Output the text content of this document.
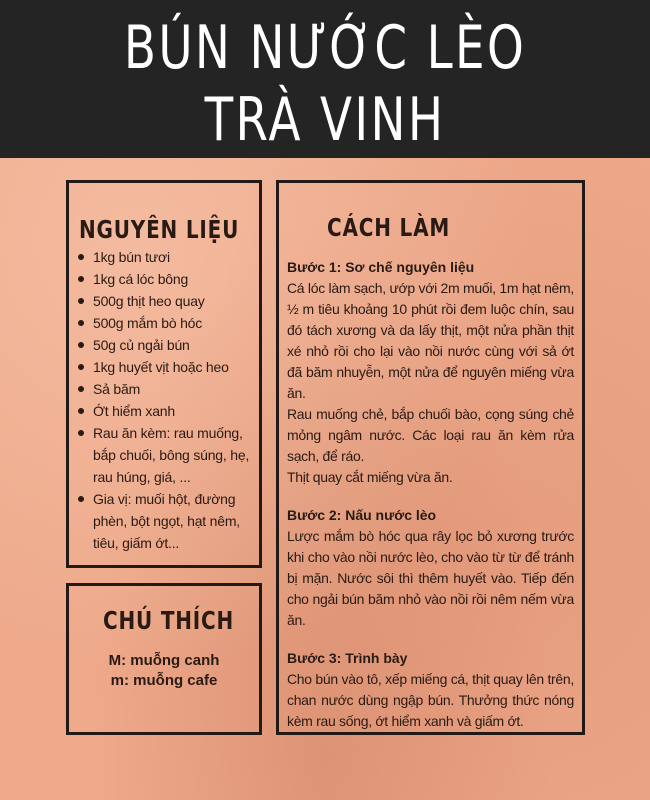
BÚN NƯỚC LÈO
TRÀ VINH
NGUYÊN LIỆU
1kg bún tươi
1kg cá lóc bông
500g thịt heo quay
500g mắm bò hóc
50g củ ngải bún
1kg huyết vịt hoặc heo
Sả băm
Ớt hiểm xanh
Rau ăn kèm: rau muống, bắp chuối, bông súng, hẹ, rau húng, giá, ...
Gia vị: muối hột, đường phèn, bột ngọt, hạt nêm, tiêu, giấm ớt...
CHÚ THÍCH
M: muỗng canh
m: muỗng cafe
CÁCH LÀM
Bước 1: Sơ chế nguyên liệu
Cá lóc làm sạch, ướp với 2m muối, 1m hạt nêm, ½ m tiêu khoảng 10 phút rồi đem luộc chín, sau đó tách xương và da lấy thịt, một nửa phần thịt xé nhỏ rồi cho lại vào nồi nước cùng với sả ớt đã băm nhuyễn, một nửa để nguyên miếng vừa ăn.
Rau muống chẻ, bắp chuối bào, cọng súng chẻ mỏng ngâm nước. Các loại rau ăn kèm rửa sạch, để ráo.
Thịt quay cắt miếng vừa ăn.
Bước 2: Nấu nước lèo
Lược mắm bò hóc qua rây lọc bỏ xương trước khi cho vào nồi nước lèo, cho vào từ từ để tránh bị mặn. Nước sôi thì thêm huyết vào. Tiếp đến cho ngải bún băm nhỏ vào nồi rồi nêm nếm vừa ăn.
Bước 3: Trình bày
Cho bún vào tô, xếp miếng cá, thịt quay lên trên, chan nước dùng ngập bún. Thưởng thức nóng kèm rau sống, ớt hiểm xanh và giấm ớt.
